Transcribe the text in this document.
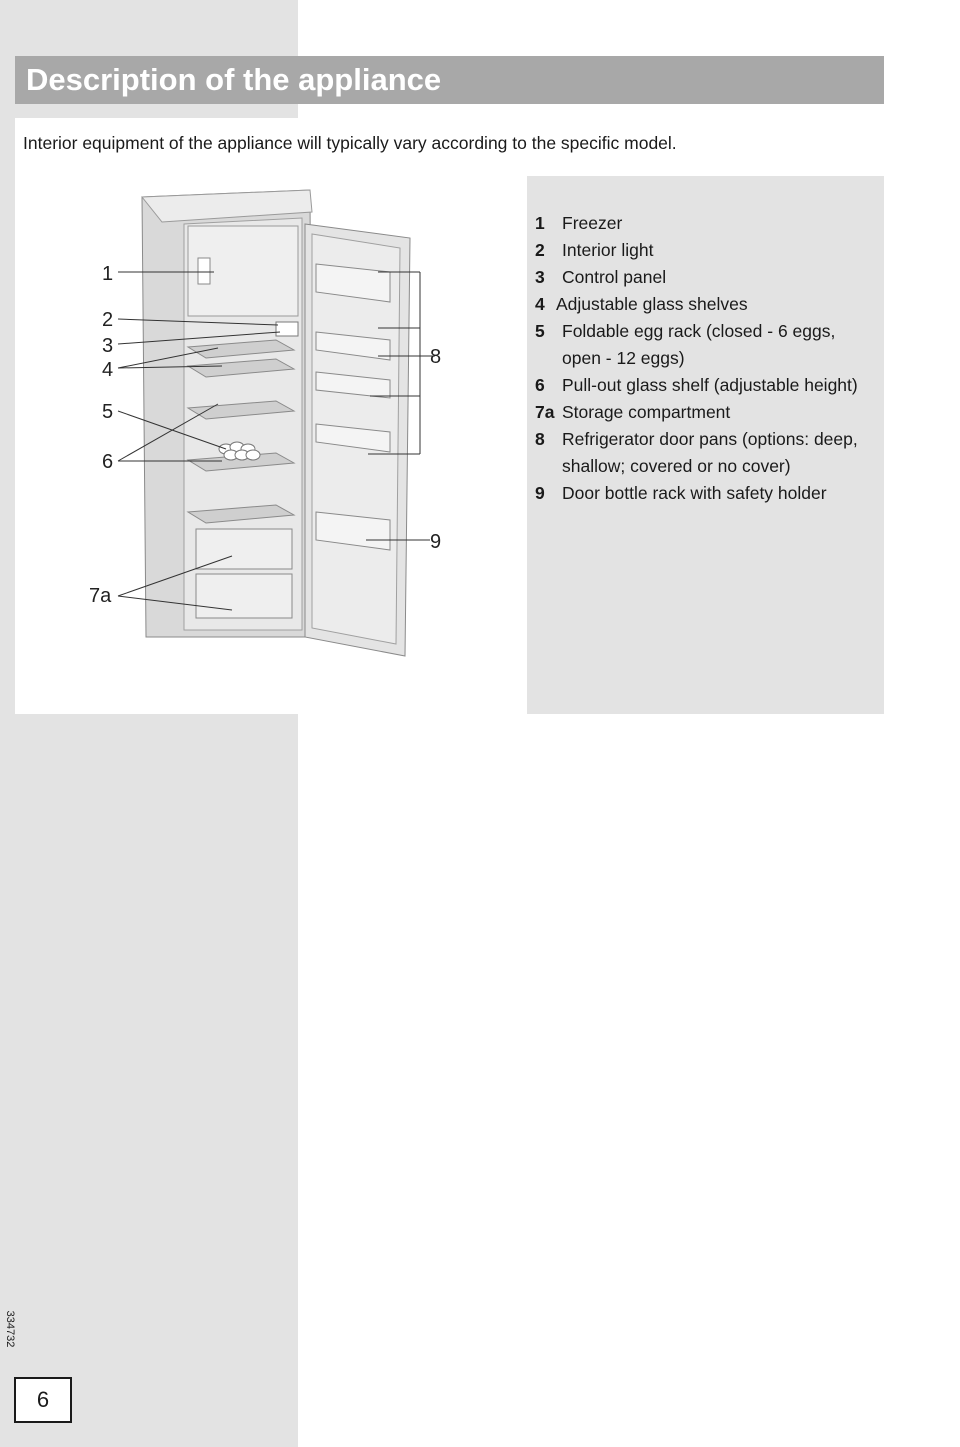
Description of the appliance

Interior equipment of the appliance will typically vary according to the specific model.

1
2
3
4
5
6
7a
8
9
1 Freezer
2 Interior light
3 Control panel
4 Adjustable glass shelves
5 Foldable egg rack (closed - 6 eggs, open - 12 eggs)
6 Pull-out glass shelf (adjustable height)
7a Storage compartment
8 Refrigerator door pans (options: deep, shallow; covered or no cover)
9 Door bottle rack with safety holder
334732
6
